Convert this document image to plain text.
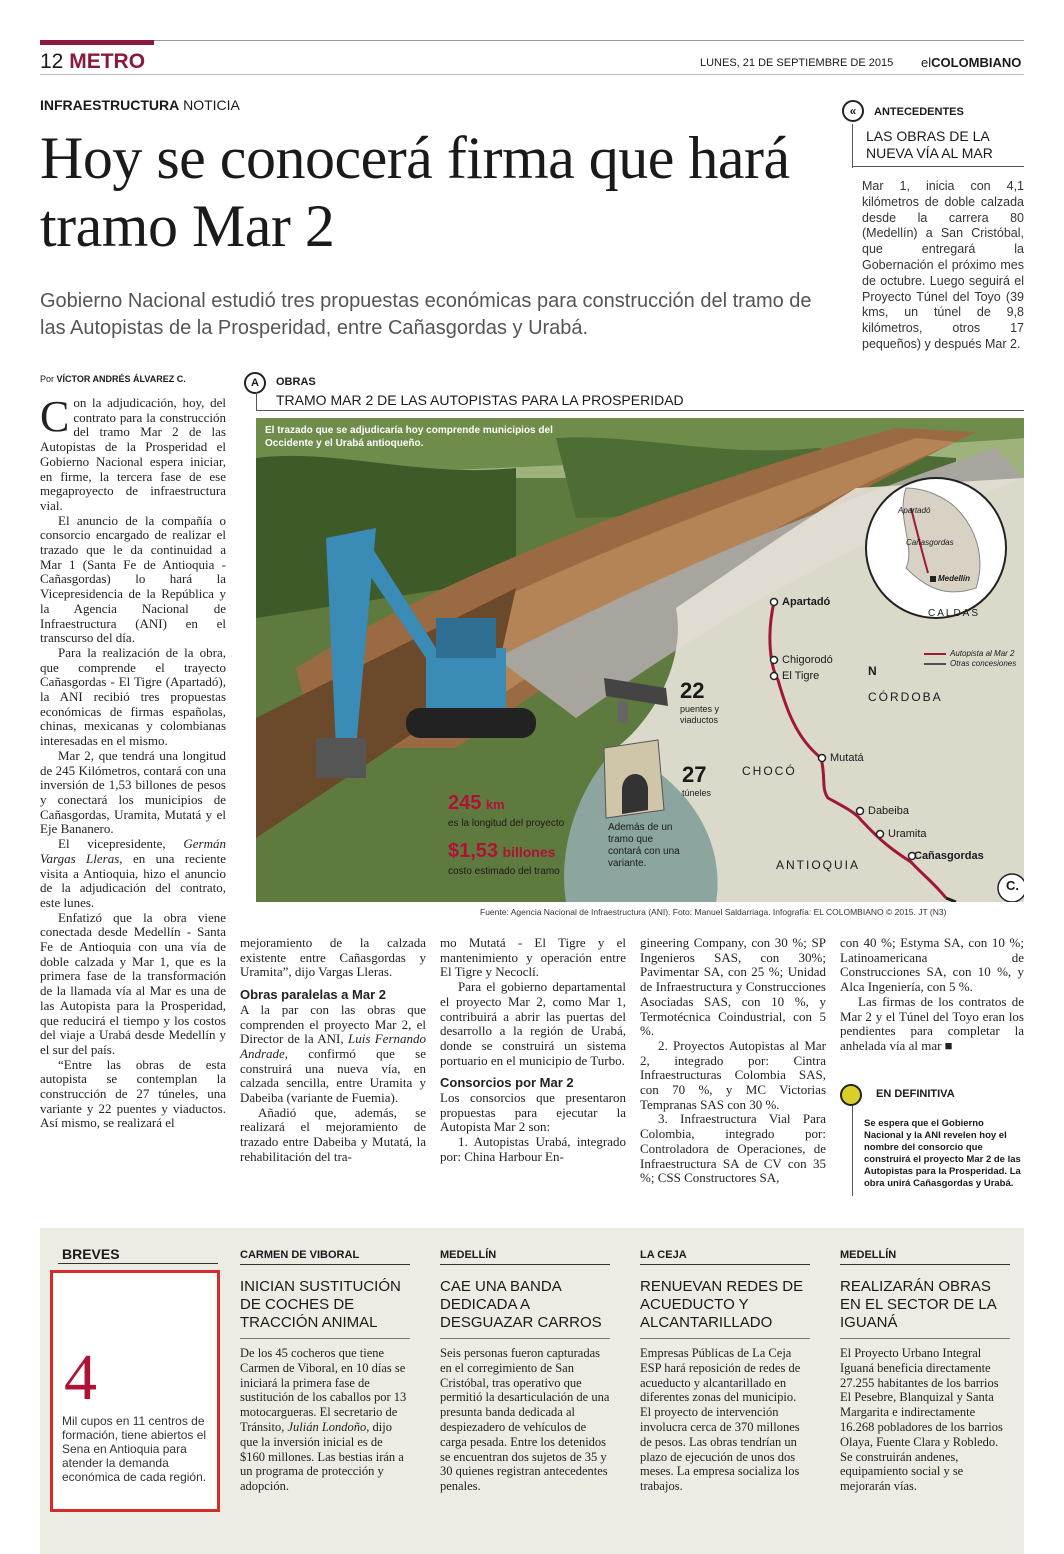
12 METRO	LUNES, 21 DE SEPTIEMBRE DE 2015 elCOLOMBIANO
INFRAESTRUCTURA NOTICIA
Hoy se conocerá firma que hará tramo Mar 2
Gobierno Nacional estudió tres propuestas económicas para construcción del tramo de las Autopistas de la Prosperidad, entre Cañasgordas y Urabá.
«	ANTECEDENTES
LAS OBRAS DE LA NUEVA VÍA AL MAR
Mar 1, inicia con 4,1 kilómetros de doble calzada desde la carrera 80 (Medellín) a San Cristóbal, que entregará la Gobernación el próximo mes de octubre. Luego seguirá el Proyecto Túnel del Toyo (39 kms, un túnel de 9,8 kilómetros, otros 17 pequeños) y después Mar 2.
Por VÍCTOR ANDRÉS ÁLVAREZ C.

Con la adjudicación, hoy, del contrato para la construcción del tramo Mar 2 de las Autopistas de la Prosperidad el Gobierno Nacional espera iniciar, en firme, la tercera fase de ese megaproyecto de infraestructura vial.

El anuncio de la compañía o consorcio encargado de realizar el trazado que le da continuidad a Mar 1 (Santa Fe de Antioquia - Cañasgordas) lo hará la Vicepresidencia de la República y la Agencia Nacional de Infraestructura (ANI) en el transcurso del día.

Para la realización de la obra, que comprende el trayecto Cañasgordas - El Tigre (Apartadó), la ANI recibió tres propuestas económicas de firmas españolas, chinas, mexicanas y colombianas interesadas en el mismo.

Mar 2, que tendrá una longitud de 245 Kilómetros, contará con una inversión de 1,53 billones de pesos y conectará los municipios de Cañasgordas, Uramita, Mutatá y el Eje Bananero.

El vicepresidente, Germán Vargas Lleras, en una reciente visita a Antioquia, hizo el anuncio de la adjudicación del contrato, este lunes.

Enfatizó que la obra viene conectada desde Medellín - Santa Fe de Antioquia con una vía de doble calzada y Mar 1, que es la primera fase de la transformación de la llamada vía al Mar es una de las Autopista para la Prosperidad, que reducirá el tiempo y los costos del viaje a Urabá desde Medellín y el sur del país.

“Entre las obras de esta autopista se contemplan la construcción de 27 túneles, una variante y 22 puentes y viaductos. Así mismo, se realizará el

A	OBRAS
TRAMO MAR 2 DE LAS AUTOPISTAS PARA LA PROSPERIDAD
Apartadó
Chigorodó
El Tigre
Mutatá
Dabeiba
Uramita
Cañasgordas
CHOCÓ
CÓRDOBA
ANTIOQUIA
N
Apartadó
Cañasgordas
Medellín
CALDAS
Autopista al Mar 2
Otras concesiones
C.
22
puentes y viaductos
27
túneles
Además de un tramo que contará con una variante.
245 km
es la longitud del proyecto
$1,53 billones
costo estimado del tramo
El trazado que se adjudicaría hoy comprende municipios del Occidente y el Urabá antioqueño.
Fuente: Agencia Nacional de Infraestructura (ANI). Foto: Manuel Saldarriaga. Infografía: EL COLOMBIANO © 2015. JT (N3)

mejoramiento de la calzada existente entre Cañasgordas y Uramita”, dijo Vargas Lleras.

Obras paralelas a Mar 2

A la par con las obras que comprenden el proyecto Mar 2, el Director de la ANI, Luis Fernando Andrade, confirmó que se construirá una nueva vía, en calzada sencilla, entre Uramita y Dabeiba (variante de Fuemia).

Añadió que, además, se realizará el mejoramiento de trazado entre Dabeiba y Mutatá, la rehabilitación del tra-

mo Mutatá - El Tigre y el mantenimiento y operación entre El Tigre y Necoclí.

Para el gobierno departamental el proyecto Mar 2, como Mar 1, contribuirá a abrir las puertas del desarrollo a la región de Urabá, donde se construirá un sistema portuario en el municipio de Turbo.

Consorcios por Mar 2

Los consorcios que presentaron propuestas para ejecutar la Autopista Mar 2 son:

1. Autopistas Urabá, integrado por: China Harbour En-

gineering Company, con 30 %; SP Ingenieros SAS, con 30%; Pavimentar SA, con 25 %; Unidad de Infraestructura y Construcciones Asociadas SAS, con 10 %, y Termotécnica Coindustrial, con 5 %.

2. Proyectos Autopistas al Mar 2, integrado por: Cintra Infraestructuras Colombia SAS, con 70 %, y MC Victorias Tempranas SAS con 30 %.

3. Infraestructura Vial Para Colombia, integrado por: Controladora de Operaciones, de Infraestructura SA de CV con 35 %; CSS Constructores SA,

con 40 %; Estyma SA, con 10 %; Latinoamericana de Construcciones SA, con 10 %, y Alca Ingeniería, con 5 %.

Las firmas de los contratos de Mar 2 y el Túnel del Toyo eran los pendientes para completar la anhelada vía al mar ■

EN DEFINITIVA
Se espera que el Gobierno Nacional y la ANI revelen hoy el nombre del consorcio que construirá el proyecto Mar 2 de las Autopistas para la Prosperidad. La obra unirá Cañasgordas y Urabá.
BREVES
4
Mil cupos en 11 centros de formación, tiene abiertos el Sena en Antioquia para atender la demanda económica de cada región.
CARMEN DE VIBORAL
INICIAN SUSTITUCIÓN DE COCHES DE TRACCIÓN ANIMAL
De los 45 cocheros que tiene Carmen de Viboral, en 10 días se iniciará la primera fase de sustitución de los caballos por 13 motocargueras. El secretario de Tránsito, Julián Londoño, dijo que la inversión inicial es de $160 millones. Las bestias irán a un programa de protección y adopción.
MEDELLÍN
CAE UNA BANDA DEDICADA A DESGUAZAR CARROS
Seis personas fueron capturadas en el corregimiento de San Cristóbal, tras operativo que permitió la desarticulación de una presunta banda dedicada al despiezadero de vehículos de carga pesada. Entre los detenidos se encuentran dos sujetos de 35 y 30 quienes registran antecedentes penales.
LA CEJA
RENUEVAN REDES DE ACUEDUCTO Y ALCANTARILLADO
Empresas Públicas de La Ceja ESP hará reposición de redes de acueducto y alcantarillado en diferentes zonas del municipio. El proyecto de intervención involucra cerca de 370 millones de pesos. Las obras tendrían un plazo de ejecución de unos dos meses. La empresa socializa los trabajos.
MEDELLÍN
REALIZARÁN OBRAS EN EL SECTOR DE LA IGUANÁ
El Proyecto Urbano Integral Iguaná beneficia directamente 27.255 habitantes de los barrios El Pesebre, Blanquizal y Santa Margarita e indirectamente 16.268 pobladores de los barrios Olaya, Fuente Clara y Robledo. Se construirán andenes, equipamiento social y se mejorarán vías.
